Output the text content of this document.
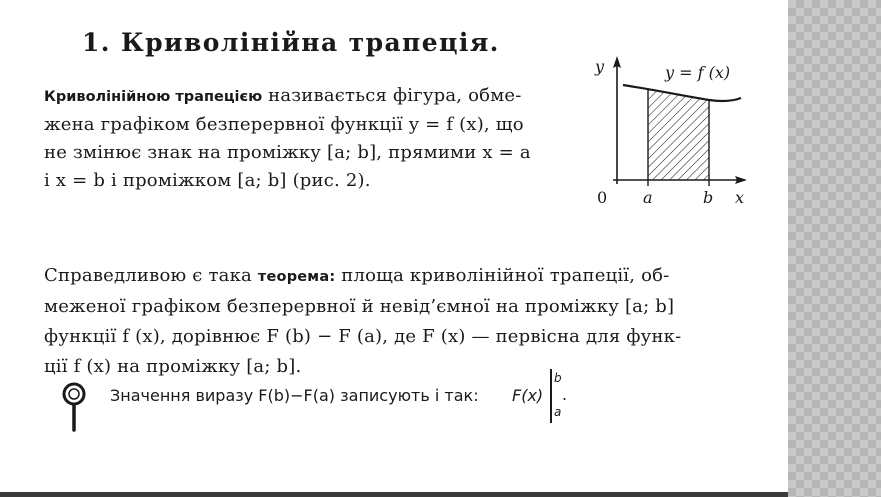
1. Криволінійна трапеція.
Криволінійною трапецією називається фігура, обме-
жена графіком безперервної функції y = f (x), що
не змінює знак на проміжку [a; b], прямими x = a
і x = b і проміжком [a; b] (рис. 2).
y
x
0 a	b
y = f (x)
Справедливою є така теорема: площа криволінійної трапеції, об-
меженої графіком безперервної й невід’ємної на проміжку [a; b]
функції f (x), дорівнює F (b) − F (a), де F (x) — первісна для функ-
ції f (x) на проміжку [a; b].
Значення виразу F(b)−F(a) записують і так: F(x)
b
a
.
